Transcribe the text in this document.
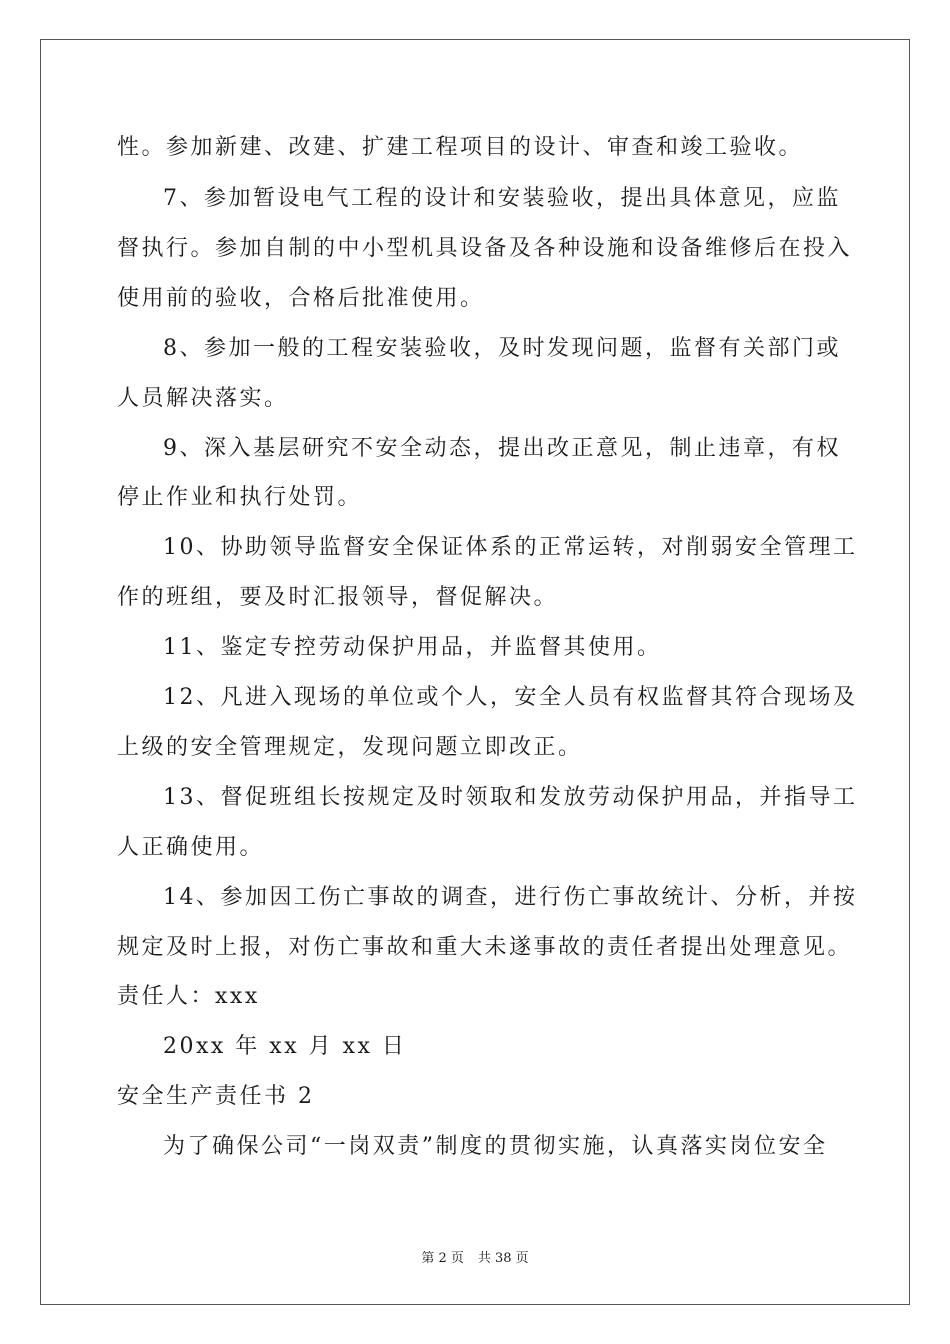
性。参加新建、改建、扩建工程项目的设计、审查和竣工验收。
7、参加暂设电气工程的设计和安装验收，提出具体意见，应监
督执行。参加自制的中小型机具设备及各种设施和设备维修后在投入
使用前的验收，合格后批准使用。
8、参加一般的工程安装验收，及时发现问题，监督有关部门或
人员解决落实。
9、深入基层研究不安全动态，提出改正意见，制止违章，有权
停止作业和执行处罚。
10、协助领导监督安全保证体系的正常运转，对削弱安全管理工
作的班组，要及时汇报领导，督促解决。
11、鉴定专控劳动保护用品，并监督其使用。
12、凡进入现场的单位或个人，安全人员有权监督其符合现场及
上级的安全管理规定，发现问题立即改正。
13、督促班组长按规定及时领取和发放劳动保护用品，并指导工
人正确使用。
14、参加因工伤亡事故的调查，进行伤亡事故统计、分析，并按
规定及时上报，对伤亡事故和重大未遂事故的责任者提出处理意见。
责任人：xxx
20xx 年 xx 月 xx 日
安全生产责任书 2
为了确保公司“一岗双责”制度的贯彻实施，认真落实岗位安全
第 2 页 共 38 页
